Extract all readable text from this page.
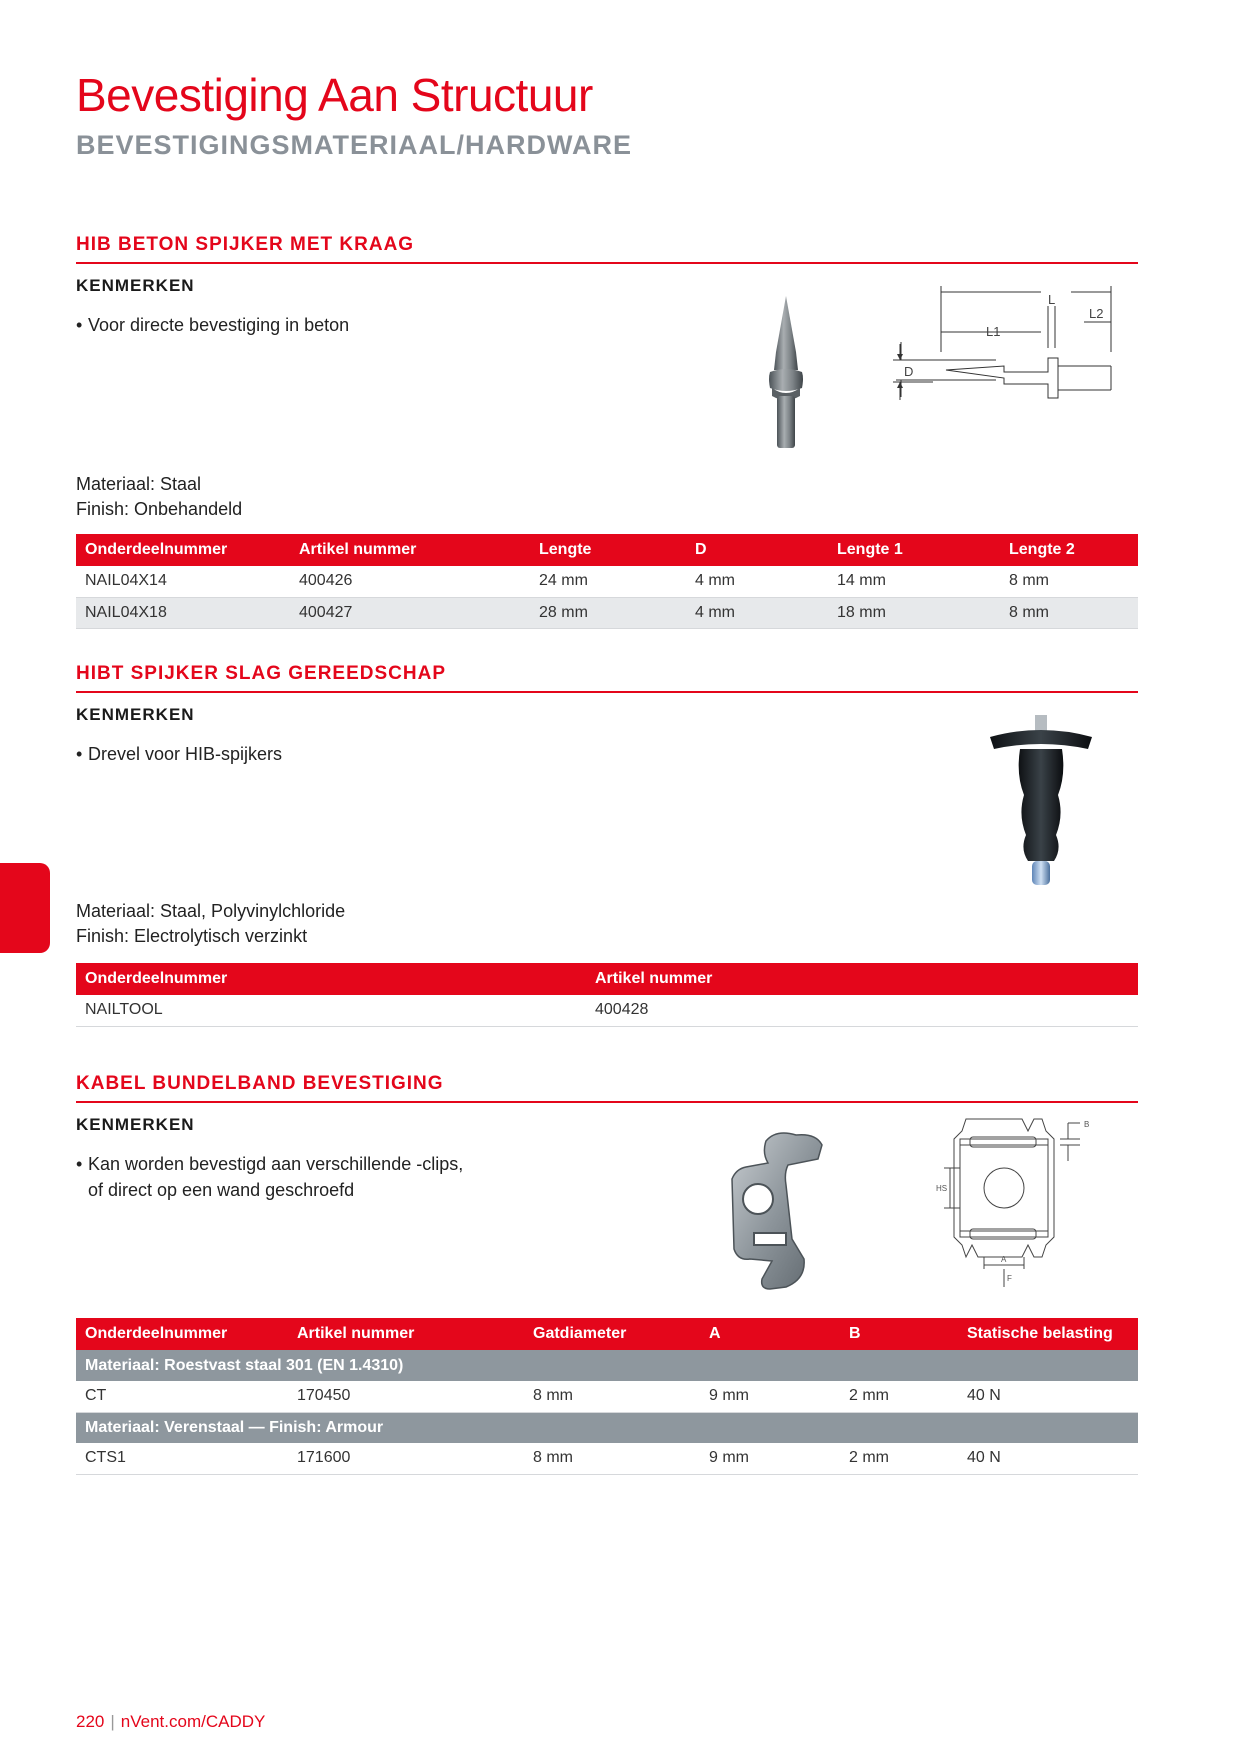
Bevestiging Aan Structuur
BEVESTIGINGSMATERIAAL/HARDWARE
HIB BETON SPIJKER MET KRAAG
KENMERKEN
• Voor directe bevestiging in beton
L
L1
L2
D
Materiaal: Staal
Finish: Onbehandeld
Onderdeelnummer	Artikel nummer	Lengte	D	Lengte 1	Lengte 2
NAIL04X14	400426	24 mm	4 mm	14 mm	8 mm
NAIL04X18	400427	28 mm	4 mm	18 mm	8 mm
HIBT SPIJKER SLAG GEREEDSCHAP
KENMERKEN
• Drevel voor HIB-spijkers
Materiaal: Staal, Polyvinylchloride
Finish: Electrolytisch verzinkt
Onderdeelnummer	Artikel nummer
NAILTOOL	400428
KABEL BUNDELBAND BEVESTIGING
KENMERKEN
• Kan worden bevestigd aan verschillende -clips,
of direct op een wand geschroefd
B
HS
A
F
Onderdeelnummer	Artikel nummer	Gatdiameter	A	B	Statische belasting
Materiaal: Roestvast staal 301 (EN 1.4310)					
CT	170450	8 mm	9 mm	2 mm	40 N
Materiaal: Verenstaal — Finish: Armour					
CTS1	171600	8 mm	9 mm	2 mm	40 N
220 | nVent.com/CADDY
